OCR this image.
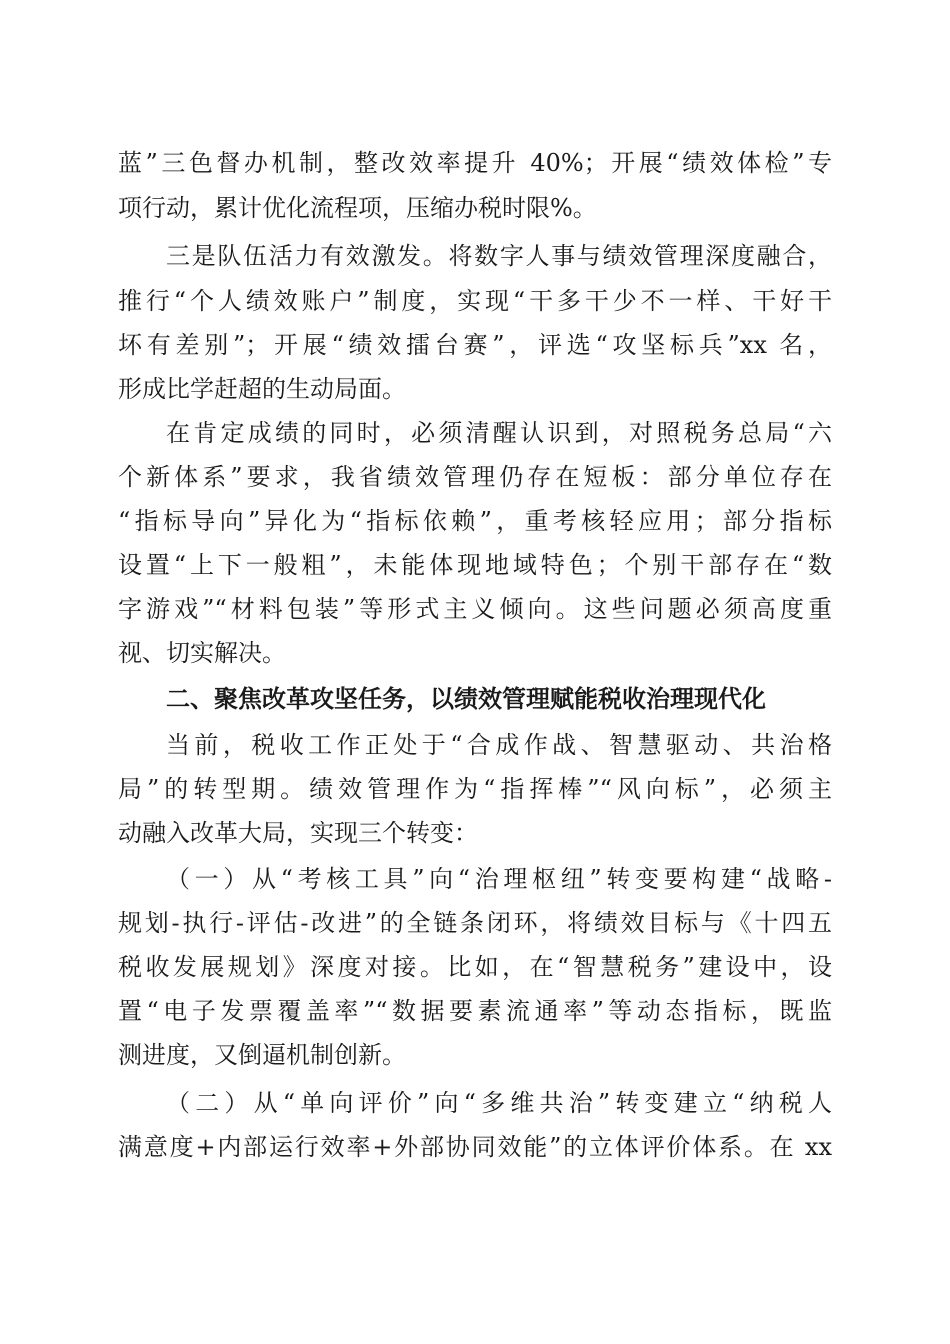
蓝”三色督办机制，整改效率提升 40%；开展“绩效体检”专
项行动，累计优化流程项，压缩办税时限%。
三是队伍活力有效激发。将数字人事与绩效管理深度融合，
推行“个人绩效账户”制度，实现“干多干少不一样、干好干
坏有差别”；开展“绩效擂台赛”，评选“攻坚标兵”xx 名，
形成比学赶超的生动局面。
在肯定成绩的同时，必须清醒认识到，对照税务总局“六
个新体系”要求，我省绩效管理仍存在短板：部分单位存在
“指标导向”异化为“指标依赖”，重考核轻应用；部分指标
设置“上下一般粗”，未能体现地域特色；个别干部存在“数
字游戏”“材料包装”等形式主义倾向。这些问题必须高度重
视、切实解决。
二、聚焦改革攻坚任务，以绩效管理赋能税收治理现代化
当前，税收工作正处于“合成作战、智慧驱动、共治格
局”的转型期。绩效管理作为“指挥棒”“风向标”，必须主
动融入改革大局，实现三个转变：
（一）从“考核工具”向“治理枢纽”转变要构建“战略-
规划-执行-评估-改进”的全链条闭环，将绩效目标与《十四五
税收发展规划》深度对接。比如，在“智慧税务”建设中，设
置“电子发票覆盖率”“数据要素流通率”等动态指标，既监
测进度，又倒逼机制创新。
（二）从“单向评价”向“多维共治”转变建立“纳税人
满意度+内部运行效率+外部协同效能”的立体评价体系。在 xx
